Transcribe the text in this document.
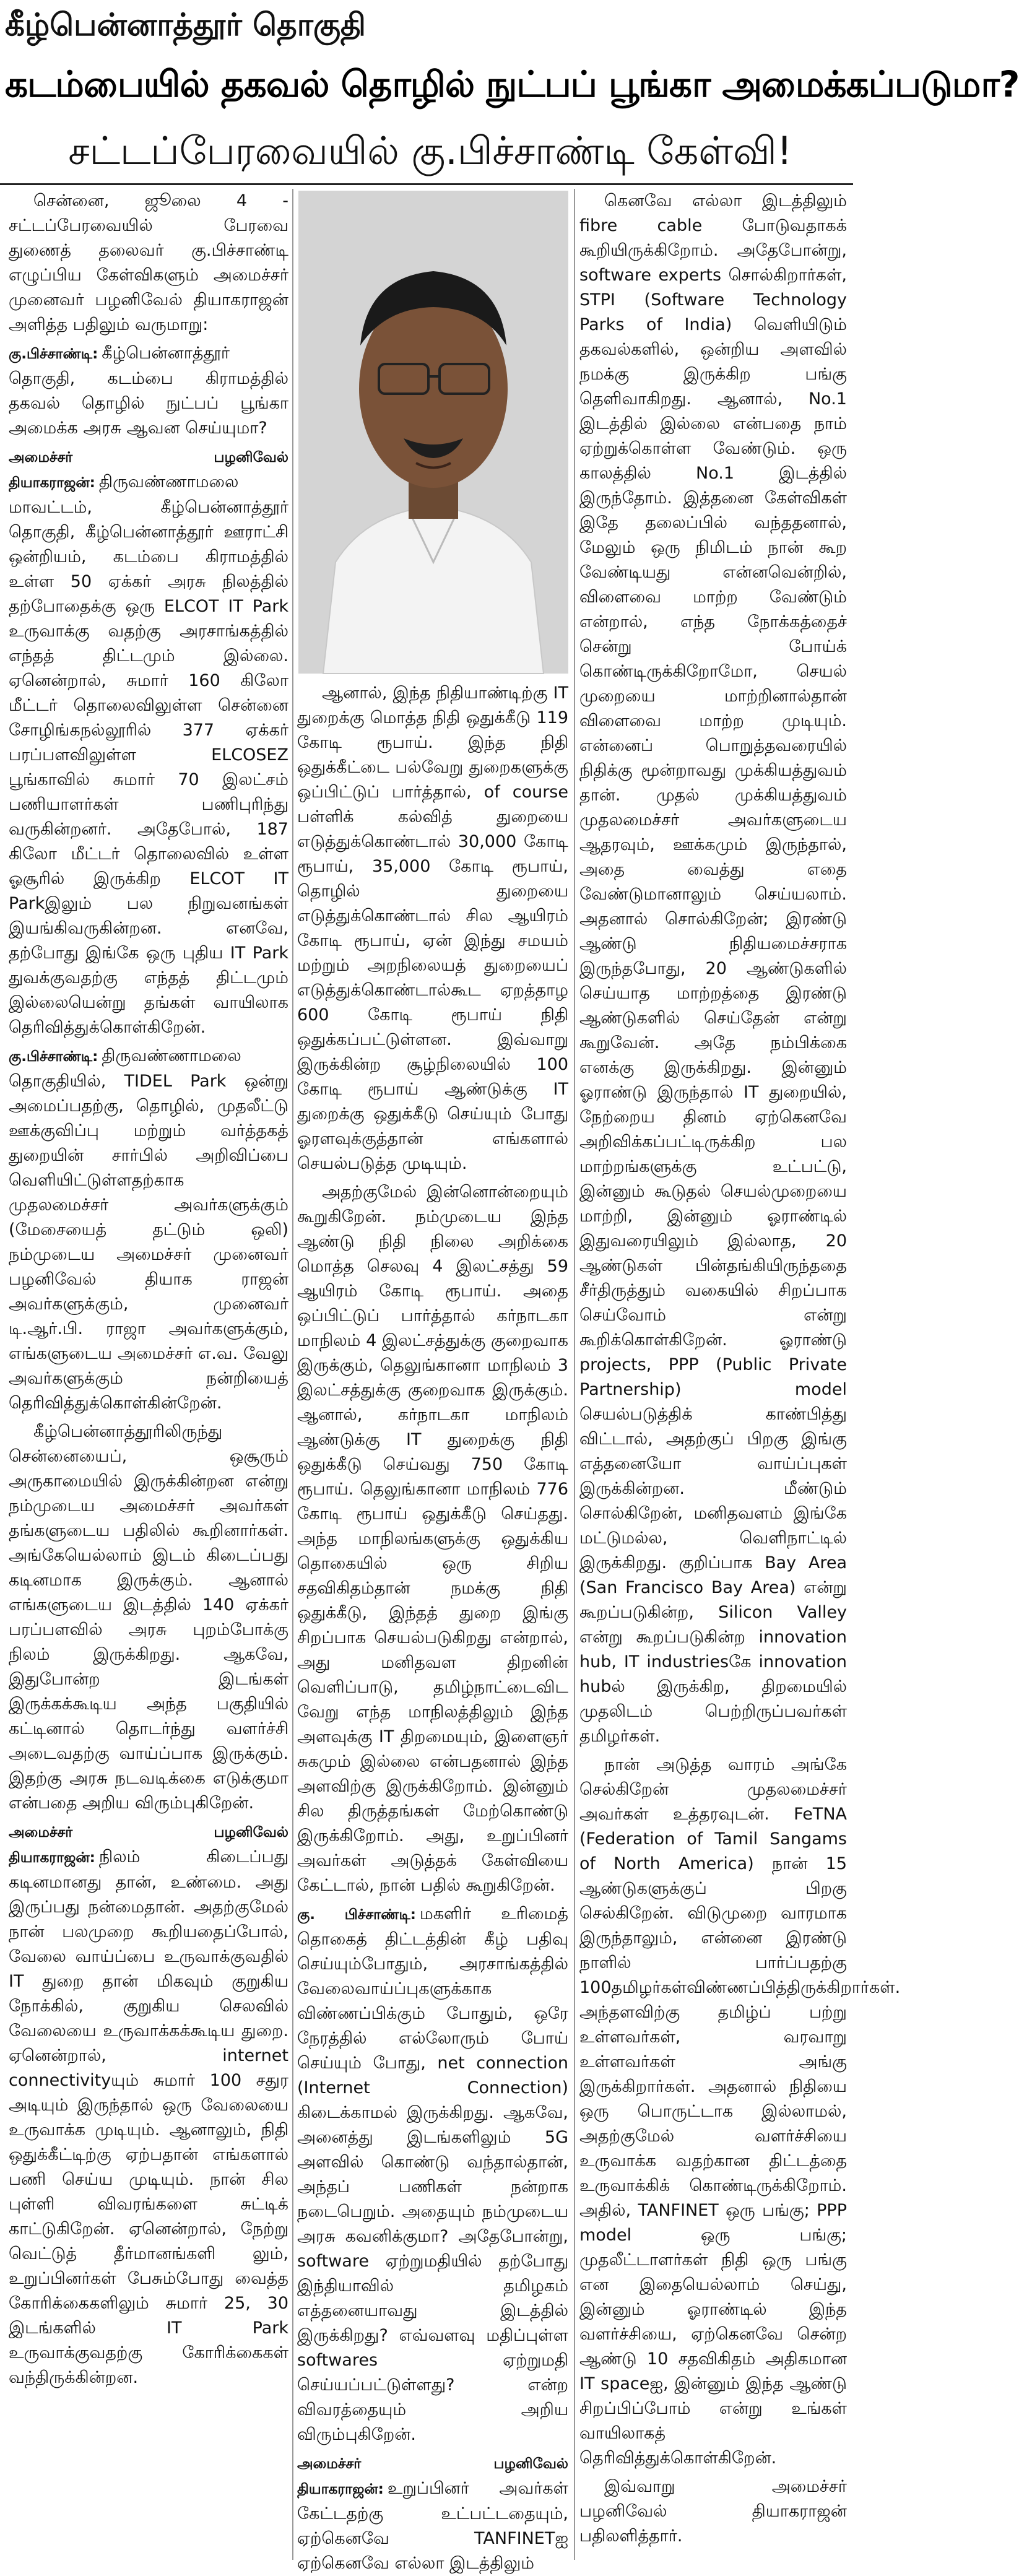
கீழ்பென்னாத்தூர் தொகுதி
கடம்பையில் தகவல் தொழில் நுட்பப் பூங்கா அமைக்கப்படுமா?
சட்டப்பேரவையில் கு.பிச்சாண்டி கேள்வி!

சென்னை, ஜூலை 4 - சட்டப்பேரவையில் பேரவை துணைத் தலைவர் கு.பிச்சாண்டி எழுப்பிய கேள்விகளும் அமைச்சர் முனைவர் பழனிவேல் தியாகராஜன் அளித்த பதிலும் வருமாறு:

கு.பிச்சாண்டி: கீழ்பென்னாத்தூர் தொகுதி, கடம்பை கிராமத்தில் தகவல் தொழில் நுட்பப் பூங்கா அமைக்க அரசு ஆவன செய்யுமா?

அமைச்சர் பழனிவேல் தியாகராஜன்: திருவண்ணாமலை மாவட்டம், கீழ்பென்னாத்தூர் தொகுதி, கீழ்பென்னாத்தூர் ஊராட்சி ஒன்றியம், கடம்பை கிராமத்தில் உள்ள 50 ஏக்கர் அரசு நிலத்தில் தற்போதைக்கு ஒரு ELCOT IT Park உருவாக்கு வதற்கு அரசாங்கத்தில் எந்தத் திட்டமும் இல்லை. ஏனென்றால், சுமார் 160 கிலோ மீட்டர் தொலைவிலுள்ள சென்னை சோழிங்கநல்லூரில் 377 ஏக்கர் பரப்பளவிலுள்ள ELCOSEZ பூங்காவில் சுமார் 70 இலட்சம் பணியாளர்கள் பணிபுரிந்து வருகின்றனர். அதேபோல், 187 கிலோ மீட்டர் தொலைவில் உள்ள ஓசூரில் இருக்கிற ELCOT IT Parkஇலும் பல நிறுவனங்கள் இயங்கிவருகின்றன. எனவே, தற்போது இங்கே ஒரு புதிய IT Park துவக்குவதற்கு எந்தத் திட்டமும் இல்லையென்று தங்கள் வாயிலாக தெரிவித்துக்கொள்கிறேன்.

கு.பிச்சாண்டி: திருவண்ணாமலை தொகுதியில், TIDEL Park ஒன்று அமைப்பதற்கு, தொழில், முதலீட்டு ஊக்குவிப்பு மற்றும் வர்த்தகத் துறையின் சார்பில் அறிவிப்பை வெளியிட்டுள்ளதற்காக முதலமைச்சர் அவர்களுக்கும் (மேசையைத் தட்டும் ஒலி) நம்முடைய அமைச்சர் முனைவர் பழனிவேல் தியாக ராஜன் அவர்களுக்கும், முனைவர் டி.ஆர்.பி. ராஜா அவர்களுக்கும், எங்களுடைய அமைச்சர் எ.வ. வேலு அவர்களுக்கும் நன்றியைத் தெரிவித்துக்கொள்கின்றேன்.

கீழ்பென்னாத்தூரிலிருந்து சென்னையைப், ஒசூரும் அருகாமையில் இருக்கின்றன என்று நம்முடைய அமைச்சர் அவர்கள் தங்களுடைய பதிலில் கூறினார்கள். அங்கேயெல்லாம் இடம் கிடைப்பது கடினமாக இருக்கும். ஆனால் எங்களுடைய இடத்தில் 140 ஏக்கர் பரப்பளவில் அரசு புறம்போக்கு நிலம் இருக்கிறது. ஆகவே, இதுபோன்ற இடங்கள் இருக்கக்கூடிய அந்த பகுதியில் கட்டினால் தொடர்ந்து வளர்ச்சி அடைவதற்கு வாய்ப்பாக இருக்கும். இதற்கு அரசு நடவடிக்கை எடுக்குமா என்பதை அறிய விரும்புகிறேன்.

அமைச்சர் பழனிவேல் தியாகராஜன்: நிலம் கிடைப்பது கடினமானது தான், உண்மை. அது இருப்பது நன்மைதான். அதற்குமேல் நான் பலமுறை கூறியதைப்போல், வேலை வாய்ப்பை உருவாக்குவதில் IT துறை தான் மிகவும் குறுகிய நோக்கில், குறுகிய செலவில் வேலையை உருவாக்கக்கூடிய துறை. ஏனென்றால், internet connectivityயும் சுமார் 100 சதுர அடியும் இருந்தால் ஒரு வேலையை உருவாக்க முடியும். ஆனாலும், நிதி ஒதுக்கீட்டிற்கு ஏற்பதான் எங்களால் பணி செய்ய முடியும். நான் சில புள்ளி விவரங்களை சுட்டிக் காட்டுகிறேன். ஏனென்றால், நேற்று வெட்டுத் தீர்மானங்களி லும், உறுப்பினர்கள் பேசும்போது வைத்த கோரிக்கைகளிலும் சுமார் 25, 30 இடங்களில் IT Park உருவாக்குவதற்கு கோரிக்கைகள் வந்திருக்கின்றன.

ஆனால், இந்த நிதியாண்டிற்கு IT துறைக்கு மொத்த நிதி ஒதுக்கீடு 119 கோடி ரூபாய். இந்த நிதி ஒதுக்கீட்டை பல்வேறு துறைகளுக்கு ஒப்பிட்டுப் பார்த்தால், of course பள்ளிக் கல்வித் துறையை எடுத்துக்கொண்டால் 30,000 கோடி ரூபாய், 35,000 கோடி ரூபாய், தொழில் துறையை எடுத்துக்கொண்டால் சில ஆயிரம் கோடி ரூபாய், ஏன் இந்து சமயம் மற்றும் அறநிலையத் துறையைப் எடுத்துக்கொண்டால்கூட ஏறத்தாழ 600 கோடி ரூபாய் நிதி ஒதுக்கப்பட்டுள்ளன. இவ்வாறு இருக்கின்ற சூழ்நிலையில் 100 கோடி ரூபாய் ஆண்டுக்கு IT துறைக்கு ஒதுக்கீடு செய்யும் போது ஓரளவுக்குத்தான் எங்களால் செயல்படுத்த முடியும்.

அதற்குமேல் இன்னொன்றையும் கூறுகிறேன். நம்முடைய இந்த ஆண்டு நிதி நிலை அறிக்கை மொத்த செலவு 4 இலட்சத்து 59 ஆயிரம் கோடி ரூபாய். அதை ஒப்பிட்டுப் பார்த்தால் கர்நாடகா மாநிலம் 4 இலட்சத்துக்கு குறைவாக இருக்கும், தெலுங்கானா மாநிலம் 3 இலட்சத்துக்கு குறைவாக இருக்கும். ஆனால், கர்நாடகா மாநிலம் ஆண்டுக்கு IT துறைக்கு நிதி ஒதுக்கீடு செய்வது 750 கோடி ரூபாய். தெலுங்கானா மாநிலம் 776 கோடி ரூபாய் ஒதுக்கீடு செய்தது. அந்த மாநிலங்களுக்கு ஒதுக்கிய தொகையில் ஒரு சிறிய சதவிகிதம்தான் நமக்கு நிதி ஒதுக்கீடு, இந்தத் துறை இங்கு சிறப்பாக செயல்படுகிறது என்றால், அது மனிதவள திறனின் வெளிப்பாடு, தமிழ்நாட்டைவிட வேறு எந்த மாநிலத்திலும் இந்த அளவுக்கு IT திறமையும், இளைஞர் சுகமும் இல்லை என்பதனால் இந்த அளவிற்கு இருக்கிறோம். இன்னும் சில திருத்தங்கள் மேற்கொண்டு இருக்கிறோம். அது, உறுப்பினர் அவர்கள் அடுத்தக் கேள்வியை கேட்டால், நான் பதில் கூறுகிறேன்.

கு. பிச்சாண்டி: மகளிர் உரிமைத் தொகைத் திட்டத்தின் கீழ் பதிவு செய்யும்போதும், அரசாங்கத்தில் வேலைவாய்ப்புகளுக்காக விண்ணப்பிக்கும் போதும், ஒரே நேரத்தில் எல்லோரும் போய் செய்யும் போது, net connection (Internet Connection) கிடைக்காமல் இருக்கிறது. ஆகவே, அனைத்து இடங்களிலும் 5G அளவில் கொண்டு வந்தால்தான், அந்தப் பணிகள் நன்றாக நடைபெறும். அதையும் நம்முடைய அரசு கவனிக்குமா? அதேபோன்று, software ஏற்றுமதியில் தற்போது இந்தியாவில் தமிழகம் எத்தனையாவது இடத்தில் இருக்கிறது? எவ்வளவு மதிப்புள்ள softwares ஏற்றுமதி செய்யப்பட்டுள்ளது? என்ற விவரத்தையும் அறிய விரும்புகிறேன்.

அமைச்சர் பழனிவேல் தியாகராஜன்: உறுப்பினர் அவர்கள் கேட்டதற்கு உட்பட்டதையும், ஏற்கெனவே TANFINETஐ ஏற்கெனவே எல்லா இடத்திலும்

கெனவே எல்லா இடத்திலும் fibre cable போடுவதாகக் கூறியிருக்கிறோம். அதேபோன்று, software experts சொல்கிறார்கள், STPI (Software Technology Parks of India) வெளியிடும் தகவல்களில், ஒன்றிய அளவில் நமக்கு இருக்கிற பங்கு தெளிவாகிறது. ஆனால், No.1 இடத்தில் இல்லை என்பதை நாம் ஏற்றுக்கொள்ள வேண்டும். ஒரு காலத்தில் No.1 இடத்தில் இருந்தோம். இத்தனை கேள்விகள் இதே தலைப்பில் வந்ததனால், மேலும் ஒரு நிமிடம் நான் கூற வேண்டியது என்னவென்றில், விளைவை மாற்ற வேண்டும் என்றால், எந்த நோக்கத்தைச் சென்று போய்க் கொண்டிருக்கிறோமோ, செயல் முறையை மாற்றினால்தான் விளைவை மாற்ற முடியும். என்னைப் பொறுத்தவரையில் நிதிக்கு மூன்றாவது முக்கியத்துவம் தான். முதல் முக்கியத்துவம் முதலமைச்சர் அவர்களுடைய ஆதரவும், ஊக்கமும் இருந்தால், அதை வைத்து எதை வேண்டுமானாலும் செய்யலாம். அதனால் சொல்கிறேன்; இரண்டு ஆண்டு நிதியமைச்சராக இருந்தபோது, 20 ஆண்டுகளில் செய்யாத மாற்றத்தை இரண்டு ஆண்டுகளில் செய்தேன் என்று கூறுவேன். அதே நம்பிக்கை எனக்கு இருக்கிறது. இன்னும் ஓராண்டு இருந்தால் IT துறையில், நேற்றைய தினம் ஏற்கெனவே அறிவிக்கப்பட்டிருக்கிற பல மாற்றங்களுக்கு உட்பட்டு, இன்னும் கூடுதல் செயல்முறையை மாற்றி, இன்னும் ஓராண்டில் இதுவரையிலும் இல்லாத, 20 ஆண்டுகள் பின்தங்கியிருந்ததை சீர்திருத்தும் வகையில் சிறப்பாக செய்வோம் என்று கூறிக்கொள்கிறேன். ஓராண்டு projects, PPP (Public Private Partnership) model செயல்படுத்திக் காண்பித்து விட்டால், அதற்குப் பிறகு இங்கு எத்தனையோ வாய்ப்புகள் இருக்கின்றன. மீண்டும் சொல்கிறேன், மனிதவளம் இங்கே மட்டுமல்ல, வெளிநாட்டில் இருக்கிறது. குறிப்பாக Bay Area (San Francisco Bay Area) என்று கூறப்படுகின்ற, Silicon Valley என்று கூறப்படுகின்ற innovation hub, IT industriesகே innovation hubல் இருக்கிற, திறமையில் முதலிடம் பெற்றிருப்பவர்கள் தமிழர்கள்.

நான் அடுத்த வாரம் அங்கே செல்கிறேன் முதலமைச்சர் அவர்கள் உத்தரவுடன். FeTNA (Federation of Tamil Sangams of North America) நான் 15 ஆண்டுகளுக்குப் பிறகு செல்கிறேன். விடுமுறை வாரமாக இருந்தாலும், என்னை இரண்டு நாளில் பார்ப்பதற்கு 100தமிழர்கள்விண்ணப்பித்திருக்கிறார்கள். அந்தளவிற்கு தமிழ்ப் பற்று உள்ளவர்கள், வரவாறு உள்ளவர்கள் அங்கு இருக்கிறார்கள். அதனால் நிதியை ஒரு பொருட்டாக இல்லாமல், அதற்குமேல் வளர்ச்சியை உருவாக்க வதற்கான திட்டத்தை உருவாக்கிக் கொண்டிருக்கிறோம். அதில், TANFINET ஒரு பங்கு; PPP model ஒரு பங்கு; முதலீட்டாளர்கள் நிதி ஒரு பங்கு என இதையெல்லாம் செய்து, இன்னும் ஓராண்டில் இந்த வளர்ச்சியை, ஏற்கெனவே சென்ற ஆண்டு 10 சதவிகிதம் அதிகமான IT spaceஐ, இன்னும் இந்த ஆண்டு சிறப்பிப்போம் என்று உங்கள் வாயிலாகத் தெரிவித்துக்கொள்கிறேன்.

இவ்வாறு அமைச்சர் பழனிவேல் தியாகராஜன் பதிலளித்தார்.
